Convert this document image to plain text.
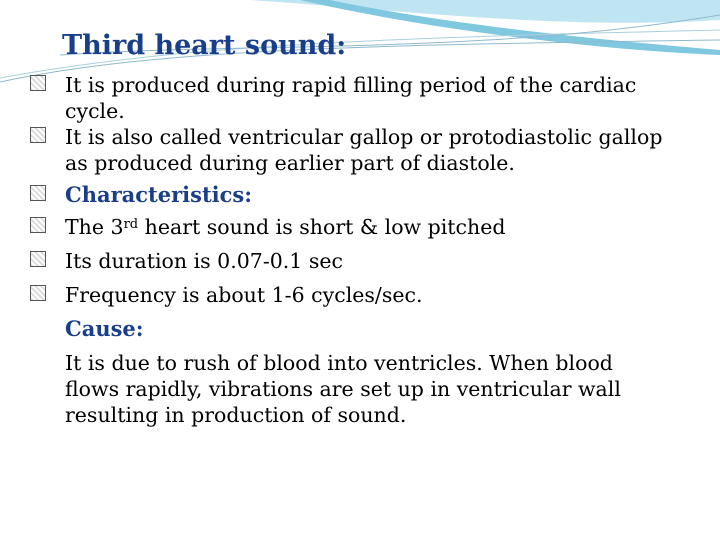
Third heart sound:
It is produced during rapid filling period of the cardiac
cycle.
It is also called ventricular gallop or protodiastolic gallop
as produced during earlier part of diastole.
Characteristics:
The 3rd heart sound is short & low pitched
Its duration is 0.07-0.1 sec
Frequency is about 1-6 cycles/sec.
Cause:
It is due to rush of blood into ventricles. When blood
flows rapidly, vibrations are set up in ventricular wall
resulting in production of sound.
